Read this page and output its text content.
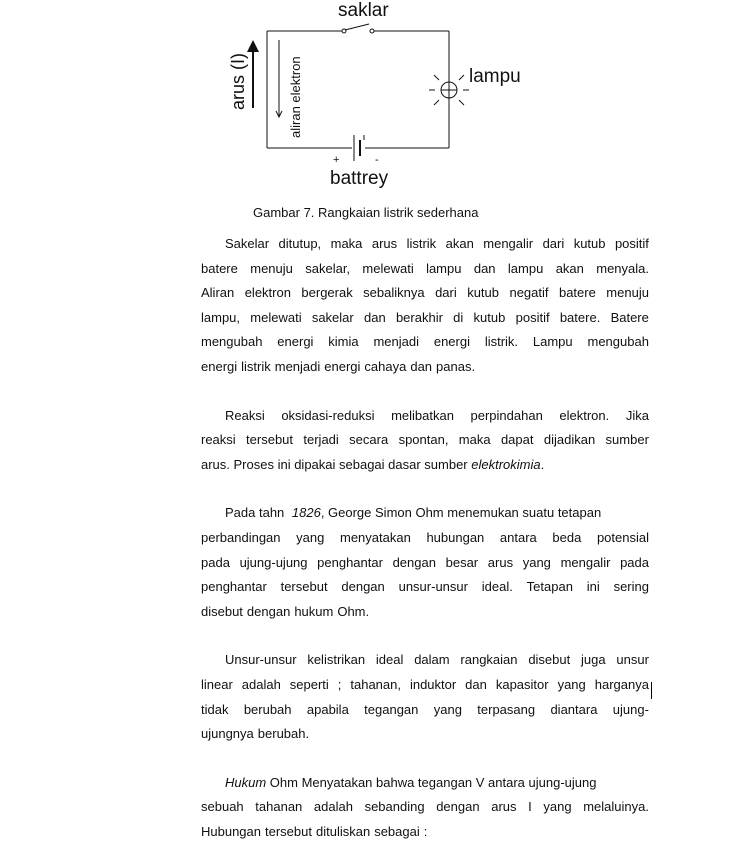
saklar
lampu
+	-
battrey
arus (I)	aliran elektron
Gambar 7. Rangkaian listrik sederhana
Sakelar ditutup, maka arus listrik akan mengalir dari kutub positif
batere menuju sakelar, melewati lampu dan lampu akan menyala.
Aliran elektron bergerak sebaliknya dari kutub negatif batere menuju
lampu, melewati sakelar dan berakhir di kutub positif batere. Batere
mengubah energi kimia menjadi energi listrik. Lampu mengubah
energi listrik menjadi energi cahaya dan panas.
Reaksi oksidasi-reduksi melibatkan perpindahan elektron. Jika
reaksi tersebut terjadi secara spontan, maka dapat dijadikan sumber
arus. Proses ini dipakai sebagai dasar sumber elektrokimia .
Pada tahn 1826, George Simon Ohm menemukan suatu tetapan
perbandingan yang menyatakan hubungan antara beda potensial
pada ujung-ujung penghantar dengan besar arus yang mengalir pada
penghantar tersebut dengan unsur-unsur ideal. Tetapan ini sering
disebut dengan hukum Ohm.
Unsur-unsur kelistrikan ideal dalam rangkaian disebut juga unsur
linear adalah seperti ; tahanan, induktor dan kapasitor yang harganya
tidak berubah apabila tegangan yang terpasang diantara ujung-
ujungnya berubah.
Hukum Ohm Menyatakan bahwa tegangan V antara ujung-ujung
sebuah tahanan adalah sebanding dengan arus I yang melaluinya.
Hubungan tersebut dituliskan sebagai :
